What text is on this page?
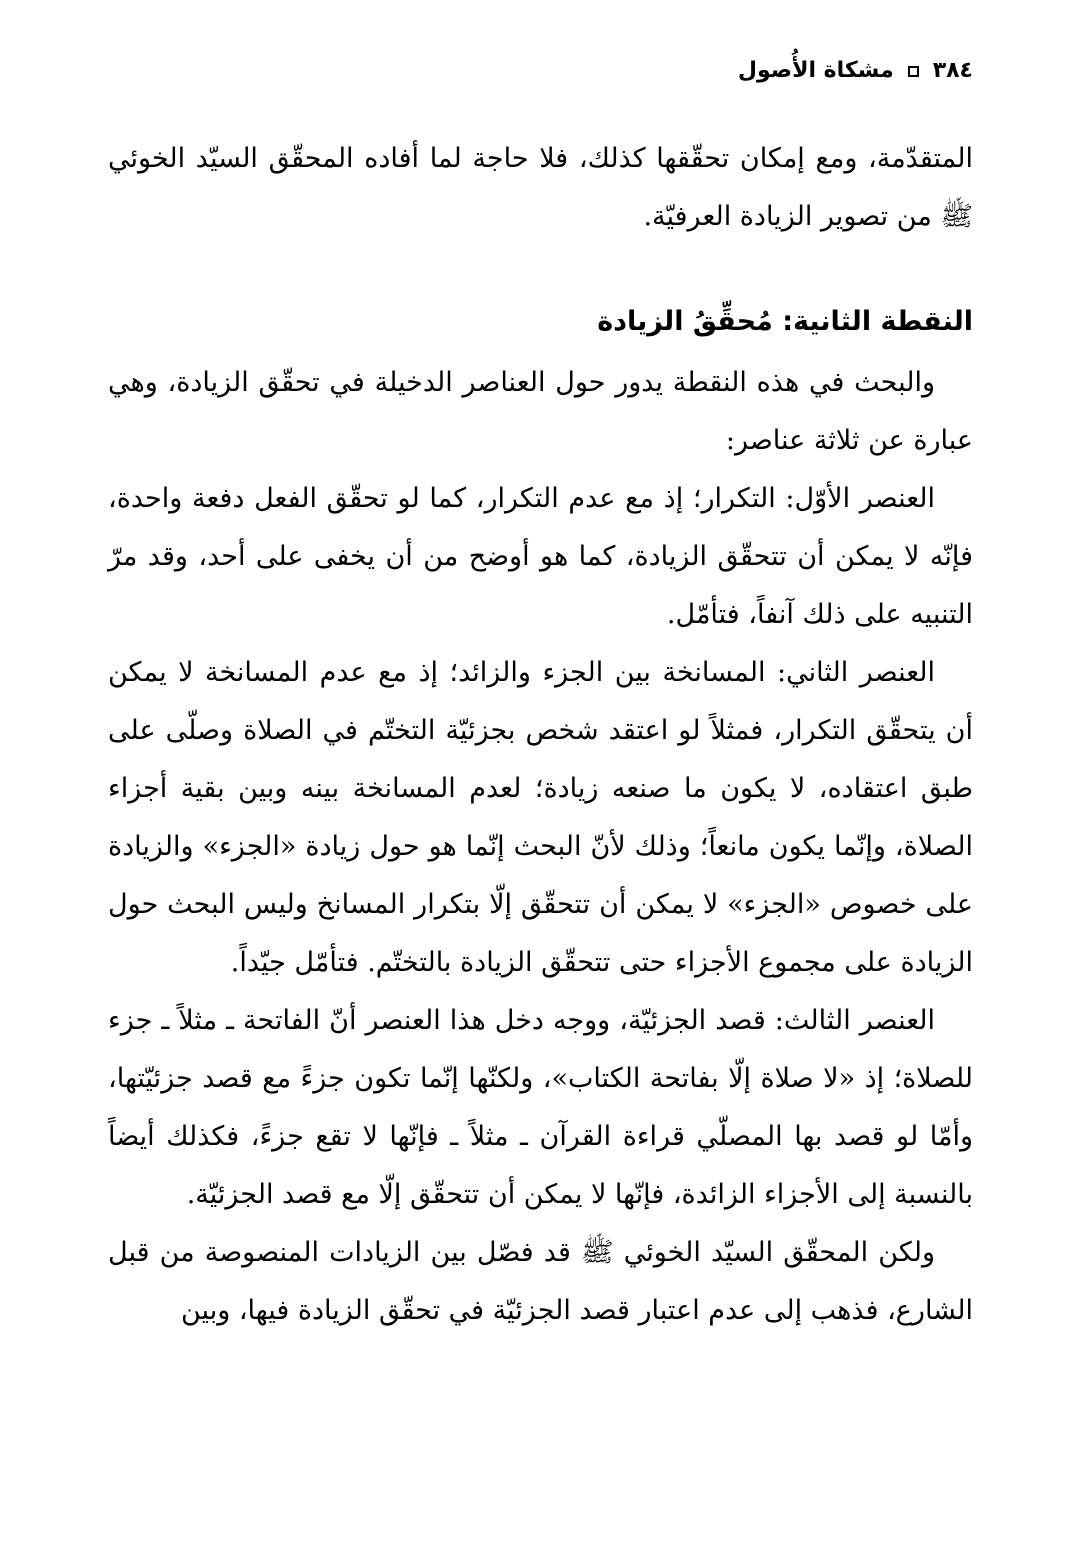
٣٨٤
مشكاة الأُصول

المتقدّمة، ومع إمكان تحقّقها كذلك، فلا حاجة لما أفاده المحقّق السيّد الخوئي ﷺ من تصوير الزيادة العرفيّة.

النقطة الثانية: مُحقِّقُ الزيادة

والبحث في هذه النقطة يدور حول العناصر الدخيلة في تحقّق الزيادة، وهي عبارة عن ثلاثة عناصر:

العنصر الأوّل: التكرار؛ إذ مع عدم التكرار، كما لو تحقّق الفعل دفعة واحدة، فإنّه لا يمكن أن تتحقّق الزيادة، كما هو أوضح من أن يخفى على أحد، وقد مرّ التنبيه على ذلك آنفاً، فتأمّل.

العنصر الثاني: المسانخة بين الجزء والزائد؛ إذ مع عدم المسانخة لا يمكن أن يتحقّق التكرار، فمثلاً لو اعتقد شخص بجزئيّة التختّم في الصلاة وصلّى على طبق اعتقاده، لا يكون ما صنعه زيادة؛ لعدم المسانخة بينه وبين بقية أجزاء الصلاة، وإنّما يكون مانعاً؛ وذلك لأنّ البحث إنّما هو حول زيادة «الجزء» والزيادة على خصوص «الجزء» لا يمكن أن تتحقّق إلّا بتكرار المسانخ وليس البحث حول الزيادة على مجموع الأجزاء حتى تتحقّق الزيادة بالتختّم. فتأمّل جيّداً.

العنصر الثالث: قصد الجزئيّة، ووجه دخل هذا العنصر أنّ الفاتحة ـ مثلاً ـ جزء للصلاة؛ إذ «لا صلاة إلّا بفاتحة الكتاب»، ولكنّها إنّما تكون جزءً مع قصد جزئيّتها، وأمّا لو قصد بها المصلّي قراءة القرآن ـ مثلاً ـ فإنّها لا تقع جزءً، فكذلك أيضاً بالنسبة إلى الأجزاء الزائدة، فإنّها لا يمكن أن تتحقّق إلّا مع قصد الجزئيّة.

ولكن المحقّق السيّد الخوئي ﷺ قد فصّل بين الزيادات المنصوصة من قبل الشارع، فذهب إلى عدم اعتبار قصد الجزئيّة في تحقّق الزيادة فيها، وبين
